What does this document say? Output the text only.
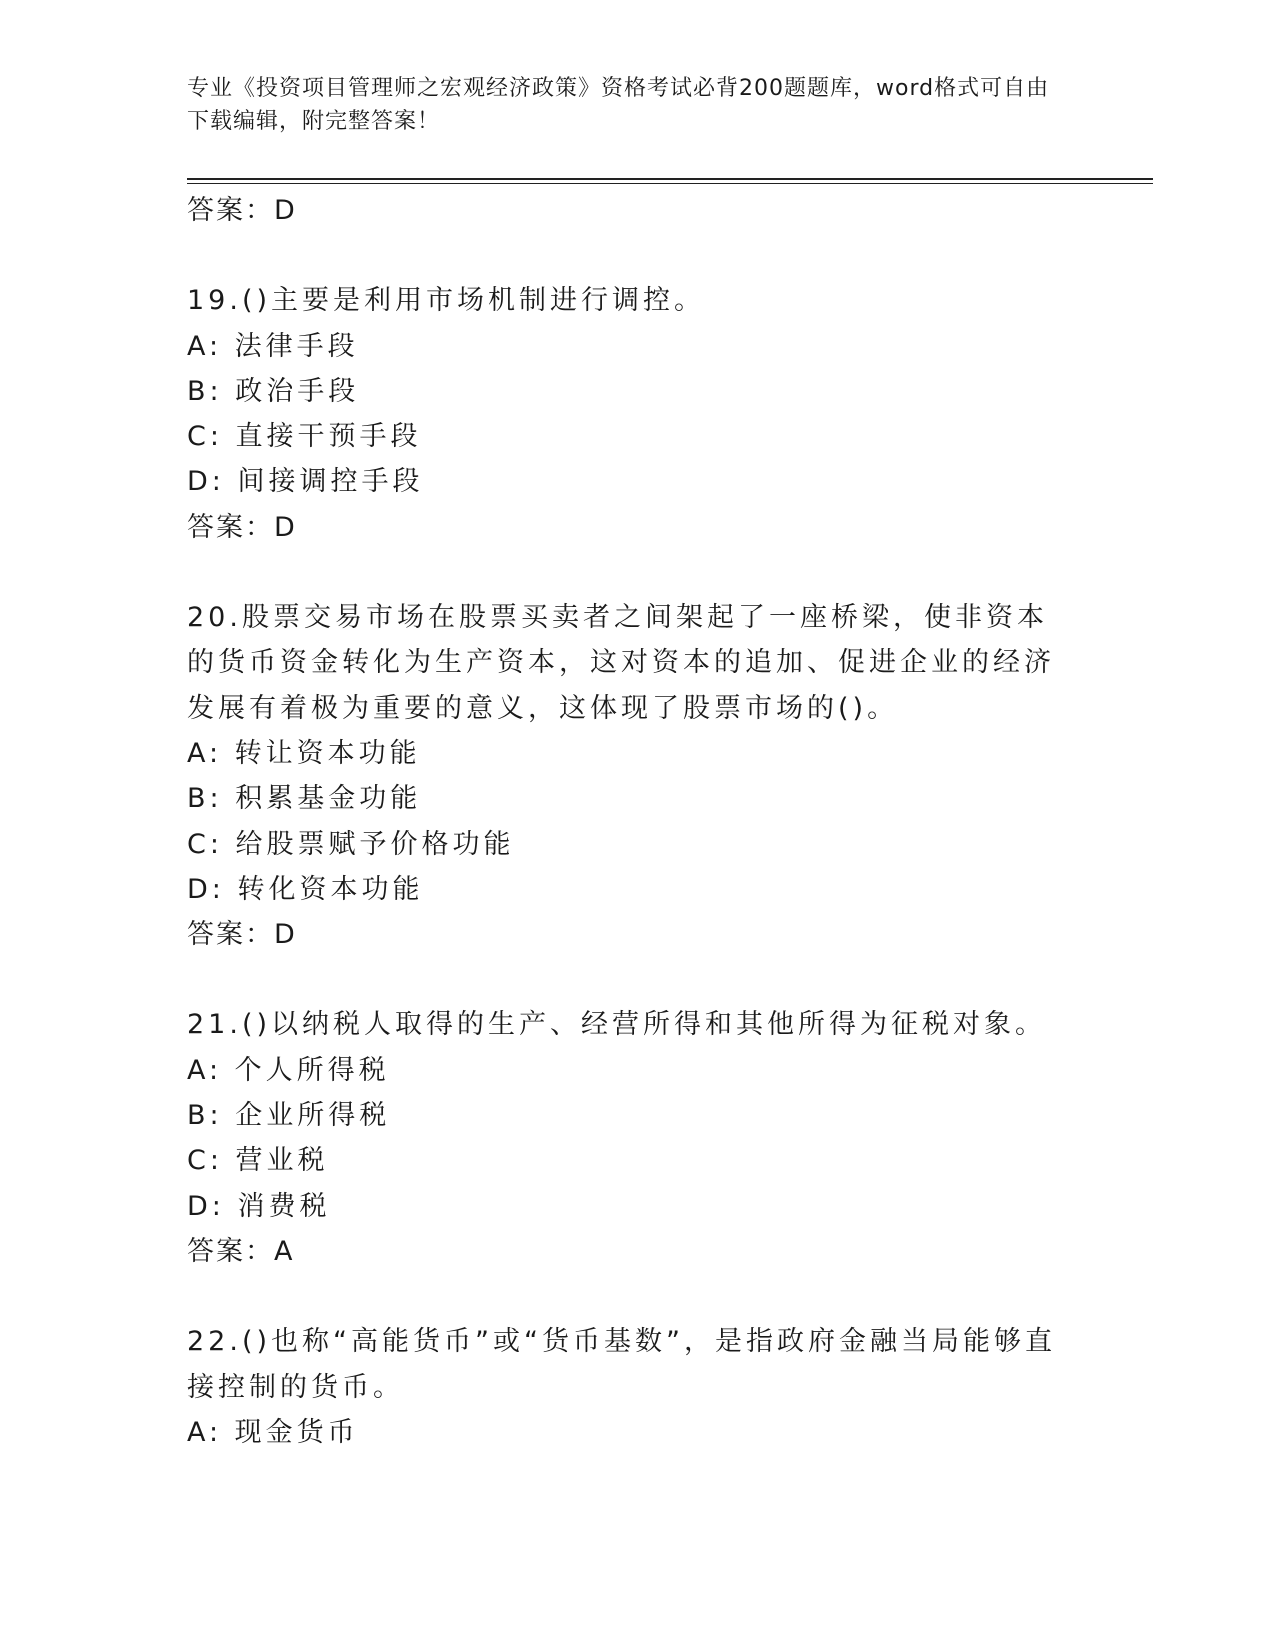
专业《投资项目管理师之宏观经济政策》资格考试必背200题题库，word格式可自由下载编辑，附完整答案！
答案：D
19.()主要是利用市场机制进行调控。
A: 法律手段
B: 政治手段
C: 直接干预手段
D: 间接调控手段
答案：D
20.股票交易市场在股票买卖者之间架起了一座桥梁，使非资本的货币资金转化为生产资本，这对资本的追加、促进企业的经济发展有着极为重要的意义，这体现了股票市场的()。
A: 转让资本功能
B: 积累基金功能
C: 给股票赋予价格功能
D: 转化资本功能
答案：D
21.()以纳税人取得的生产、经营所得和其他所得为征税对象。
A: 个人所得税
B: 企业所得税
C: 营业税
D: 消费税
答案：A
22.()也称“高能货币”或“货币基数”，是指政府金融当局能够直接控制的货币。
A: 现金货币
